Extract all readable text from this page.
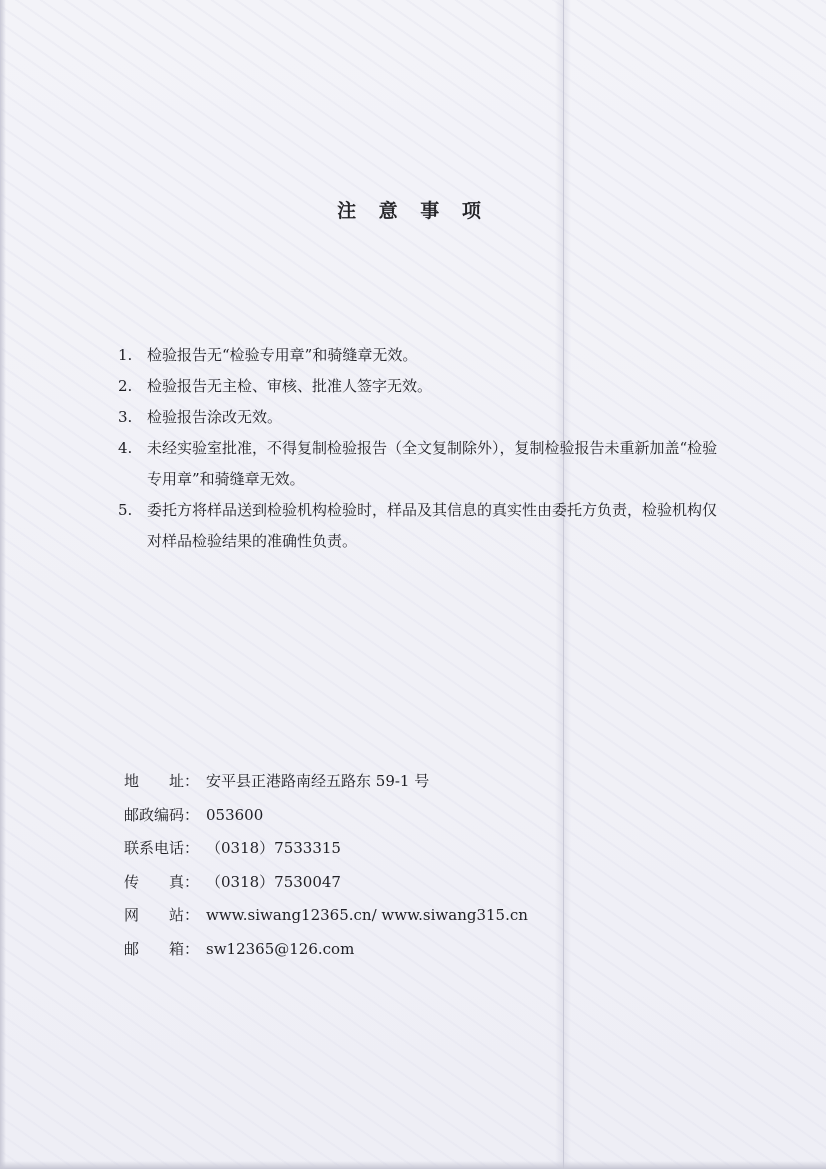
注 意 事 项
1. 检验报告无“检验专用章”和骑缝章无效。
2. 检验报告无主检、审核、批准人签字无效。
3. 检验报告涂改无效。
4. 未经实验室批准，不得复制检验报告（全文复制除外），复制检验报告未重新加盖“检验专用章”和骑缝章无效。
5. 委托方将样品送到检验机构检验时，样品及其信息的真实性由委托方负责，检验机构仅对样品检验结果的准确性负责。
地　　址： 安平县正港路南经五路东 59-1 号
邮政编码： 053600
联系电话： （0318）7533315
传　　真： （0318）7530047
网　　站： www.siwang12365.cn/ www.siwang315.cn
邮　　箱： sw12365@126.com
